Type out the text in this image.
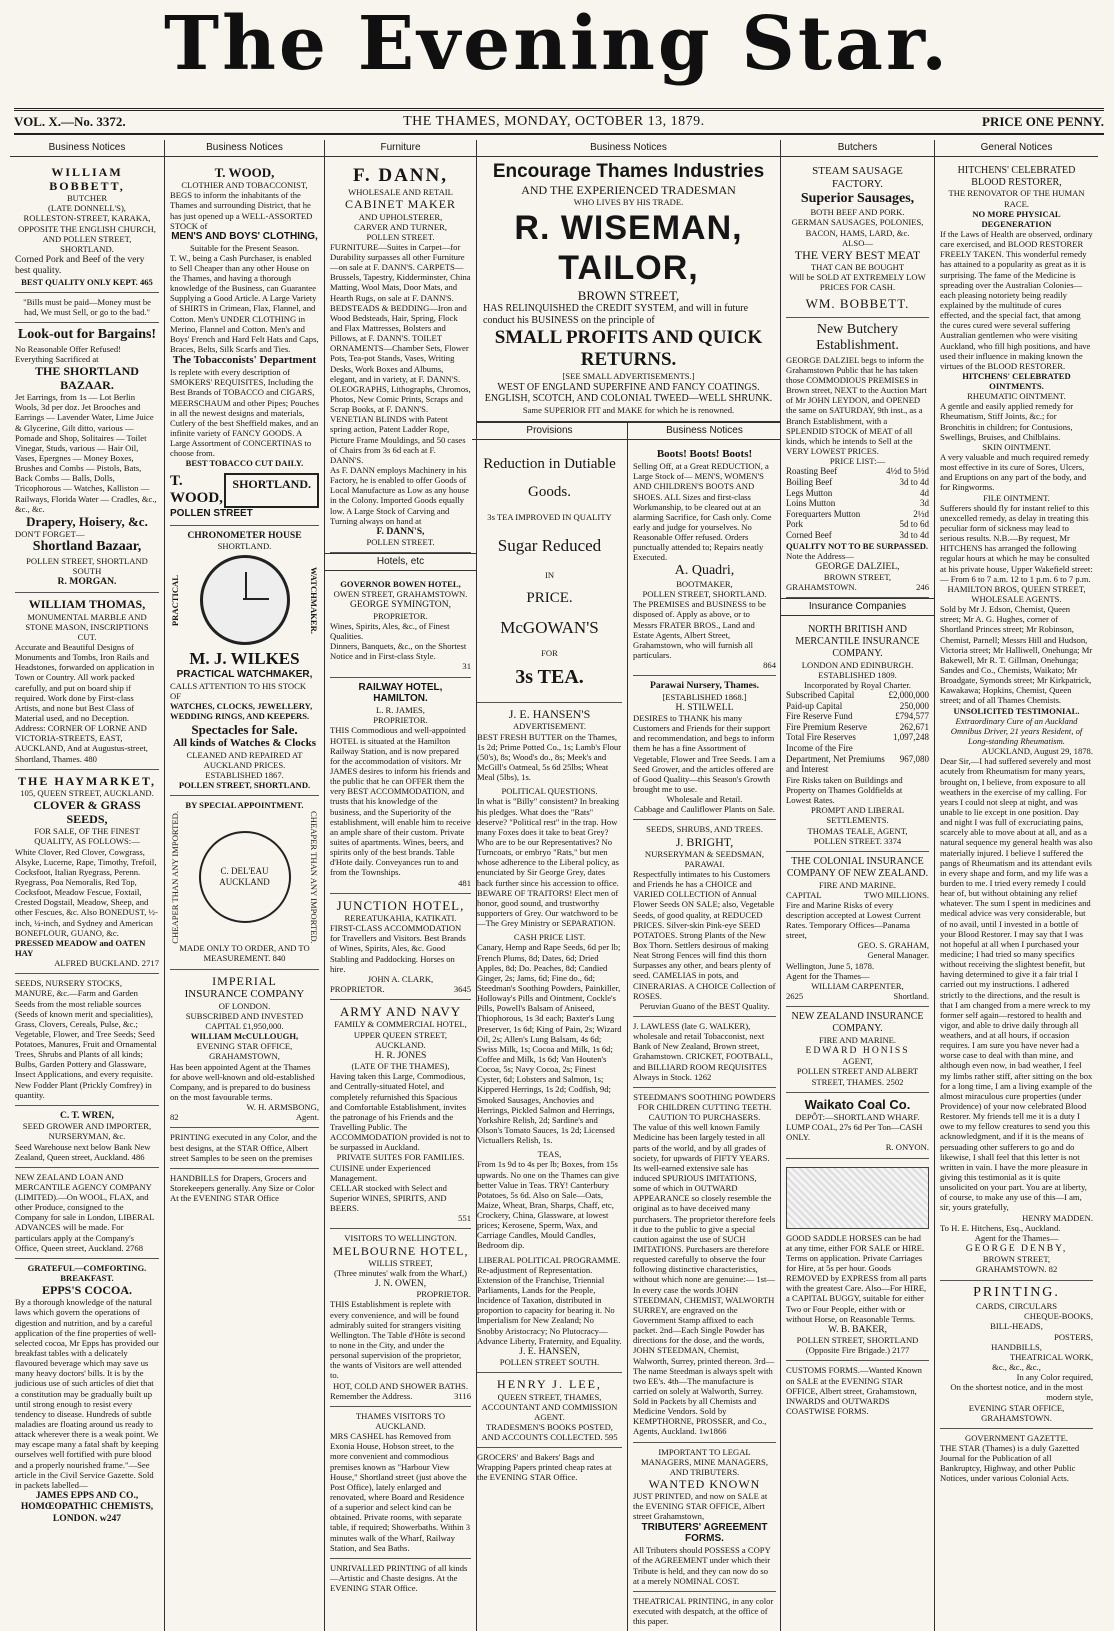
The Evening Star.
VOL. X.—No. 3372.	THE THAMES, MONDAY, OCTOBER 13, 1879.	PRICE ONE PENNY.
Business Notices
WILLIAM BOBBETT,
BUTCHER
(LATE DONNELL'S),
ROLLESTON-STREET, KARAKA, OPPOSITE THE ENGLISH CHURCH, AND POLLEN STREET, SHORTLAND.
Corned Pork and Beef of the very best quality.
BEST QUALITY ONLY KEPT. 465
"Bills must be paid—Money must be had, We must Sell, or go to the bad."
Look-out for Bargains!
No Reasonable Offer Refused! Everything Sacrificed at
THE SHORTLAND BAZAAR.
Jet Earrings, from 1s — Lot Berlin Wools, 3d per doz. Jet Brooches and Earrings — Lavender Water, Lime Juice & Glycerine, Gilt ditto, various — Pomade and Shop, Solitaires — Toilet Vinegar, Studs, various — Hair Oil, Vases, Epergnes — Money Boxes, Brushes and Combs — Pistols, Bats, Back Combs — Balls, Dolls, Tricophorous — Watches, Kalliston — Railways, Florida Water — Cradles, &c., &c., &c.
Drapery, Hoisery, &c.
DON'T FORGET—
Shortland Bazaar,
POLLEN STREET, SHORTLAND SOUTH
R. MORGAN.
WILLIAM THOMAS,
MONUMENTAL MARBLE AND STONE MASON, INSCRIPTIONS CUT.
Accurate and Beautiful Designs of Monuments and Tombs, Iron Rails and Headstones, forwarded on application in Town or Country. All work packed carefully, and put on board ship if required. Work done by First-class Artists, and none but Best Class of Material used, and no Deception.
Address: CORNER OF LORNE AND VICTORIA-STREETS, EAST, AUCKLAND, And at Augustus-street, Shortland, Thames. 480
THE HAYMARKET,
105, QUEEN STREET, AUCKLAND.
CLOVER & GRASS SEEDS,
FOR SALE, OF THE FINEST QUALITY, AS FOLLOWS:—
White Clover, Red Clover, Cowgrass, Alsyke, Lucerne, Rape, Timothy, Trefoil, Cocksfoot, Italian Ryegrass, Perenn. Ryegrass, Poa Nemoralis, Red Top, Cocksfoot, Meadow Fescue, Foxtail, Crested Dogstail, Meadow, Sheep, and other Fescues, &c. Also BONEDUST, ½-inch, ¼-inch, and Sydney and American BONEFLOUR, GUANO, &c.
PRESSED MEADOW and OATEN HAY
ALFRED BUCKLAND. 2717
SEEDS, NURSERY STOCKS, MANURE, &c.—Farm and Garden Seeds from the most reliable sources (Seeds of known merit and specialities), Grass, Clovers, Cereals, Pulse, &c.; Vegetable, Flower, and Tree Seeds; Seed Potatoes, Manures, Fruit and Ornamental Trees, Shrubs and Plants of all kinds; Bulbs, Garden Pottery and Glassware, Insect Applications, and every requisite. New Fodder Plant (Prickly Comfrey) in quantity.
C. T. WREN,
SEED GROWER AND IMPORTER, NURSERYMAN, &c.
Seed Warehouse next below Bank New Zealand, Queen street, Auckland. 486
NEW ZEALAND LOAN AND MERCANTILE AGENCY COMPANY (LIMITED).—On WOOL, FLAX, and other Produce, consigned to the Company for sale in London, LIBERAL ADVANCES will be made. For particulars apply at the Company's Office, Queen street, Auckland. 2768
GRATEFUL—COMFORTING.
BREAKFAST.
EPPS'S COCOA.
By a thorough knowledge of the natural laws which govern the operations of digestion and nutrition, and by a careful application of the fine properties of well-selected cocoa, Mr Epps has provided our breakfast tables with a delicately flavoured beverage which may save us many heavy doctors' bills. It is by the judicious use of such articles of diet that a constitution may be gradually built up until strong enough to resist every tendency to disease. Hundreds of subtle maladies are floating around us ready to attack wherever there is a weak point. We may escape many a fatal shaft by keeping ourselves well fortified with pure blood and a properly nourished frame."—See article in the Civil Service Gazette. Sold in packets labelled—
JAMES EPPS AND CO., HOMŒOPATHIC CHEMISTS, LONDON. w247
Business Notices
T. WOOD,
CLOTHIER AND TOBACCONIST,
BEGS to inform the inhabitants of the Thames and surrounding District, that he has just opened up a WELL-ASSORTED STOCK of
MEN'S AND BOYS' CLOTHING,
Suitable for the Present Season.
T. W., being a Cash Purchaser, is enabled to Sell Cheaper than any other House on the Thames, and having a thorough knowledge of the Business, can Guarantee Supplying a Good Article. A Large Variety of SHIRTS in Crimean, Flax, Flannel, and Cotton. Men's UNDER CLOTHING in Merino, Flannel and Cotton. Men's and Boys' French and Hard Felt Hats and Caps, Braces, Belts, Silk Scarfs and Ties.
The Tobacconists' Department
Is replete with every description of SMOKERS' REQUISITES, Including the Best Brands of TOBACCO and CIGARS, MEERSCHAUM and other Pipes; Pouches in all the newest designs and materials, Cutlery of the best Sheffield makes, and an infinite variety of FANCY GOODS. A Large Assortment of CONCERTINAS to choose from.
BEST TOBACCO CUT DAILY.
T. WOOD,
SHORTLAND.
POLLEN STREET
CHRONOMETER HOUSE
SHORTLAND.
PRACTICAL	WATCHMAKER.
M. J. WILKES
PRACTICAL WATCHMAKER,
CALLS ATTENTION TO HIS STOCK OF
WATCHES, CLOCKS, JEWELLERY, WEDDING RINGS, AND KEEPERS.
Spectacles for Sale.
All kinds of Watches & Clocks
CLEANED AND REPAIRED AT AUCKLAND PRICES.
ESTABLISHED 1867.
POLLEN STREET, SHORTLAND.
BY SPECIAL APPOINTMENT.
CHEAPER THAN ANY IMPORTED.	C. DEL'EAU AUCKLAND	CHEAPER THAN ANY IMPORTED.
MADE ONLY TO ORDER, AND TO MEASUREMENT. 840
IMPERIAL
INSURANCE COMPANY
OF LONDON.
SUBSCRIBED AND INVESTED
CAPITAL £1,950,000.
WILLIAM McCULLOUGH,
EVENING STAR OFFICE,
GRAHAMSTOWN,
Has been appointed Agent at the Thames for above well-known and old-established Company, and is prepared to do business on the most favourable terms.
W. H. ARMSBONG,
82	Agent.
PRINTING executed in any Color, and the best designs, at the STAR Office, Albert street Samples to be seen on the premises
HANDBILLS for Drapers, Grocers and Storekeepers generally. Any Size or Color At the EVENING STAR Office
Furniture
F. DANN,
WHOLESALE AND RETAIL
CABINET MAKER
AND UPHOLSTERER,
CARVER AND TURNER,
POLLEN STREET.
FURNITURE—Suites in Carpet—for Durability surpasses all other Furniture—on sale at F. DANN'S. CARPETS—Brussels, Tapestry, Kidderminster, China Matting, Wool Mats, Door Mats, and Hearth Rugs, on sale at F. DANN'S. BEDSTEADS & BEDDING—Iron and Wood Bedsteads, Hair, Spring, Flock and Flax Mattresses, Bolsters and Pillows, at F. DANN'S. TOILET ORNAMENTS—Chamber Sets, Flower Pots, Tea-pot Stands, Vases, Writing Desks, Work Boxes and Albums, elegant, and in variety, at F. DANN'S. OLEOGRAPHS, Lithographs, Chromos, Photos, New Comic Prints, Scraps and Scrap Books, at F. DANN'S. VENETIAN BLINDS with Patent spring action, Patent Ladder Rope, Picture Frame Mouldings, and 50 cases of Chairs from 3s 6d each at F. DANN'S.
As F. DANN employs Machinery in his Factory, he is enabled to offer Goods of Local Manufacture as Low as any house in the Colony. Imported Goods equally low. A Large Stock of Carving and Turning always on hand at
F. DANN'S,
POLLEN STREET.
Hotels, etc
GOVERNOR BOWEN HOTEL,
OWEN STREET, GRAHAMSTOWN.
GEORGE SYMINGTON,
PROPRIETOR.
Wines, Spirits, Ales, &c., of Finest Qualities.
Dinners, Banquets, &c., on the Shortest Notice and in First-class Style.
31
RAILWAY HOTEL, HAMILTON.
L. R. JAMES,
PROPRIETOR.
THIS Commodious and well-appointed HOTEL is situated at the Hamilton Railway Station, and is now prepared for the accommodation of visitors. Mr JAMES desires to inform his friends and the public that he can OFFER them the very BEST ACCOMMODATION, and trusts that his knowledge of the business, and the Superiority of the establishment, will enable him to receive an ample share of their custom. Private suites of apartments. Wines, beers, and spirits only of the best brands. Table d'Hote daily. Conveyances run to and from the Townships.
481
JUNCTION HOTEL,
REREATUKAHIA, KATIKATI.
FIRST-CLASS ACCOMMODATION for Travellers and Visitors. Best Brands of Wines, Spirits, Ales, &c. Good Stabling and Paddocking. Horses on hire.
JOHN A. CLARK,
PROPRIETOR.	3645
ARMY AND NAVY
FAMILY & COMMERCIAL HOTEL,
UPPER QUEEN STREET, AUCKLAND.
H. R. JONES
(LATE OF THE THAMES),
Having taken this Large, Commodious, and Centrally-situated Hotel, and completely refurnished this Spacious and Comfortable Establishment, invites the patronage of his Friends and the Travelling Public. The ACCOMMODATION provided is not to be surpassed in Auckland.
PRIVATE SUITES FOR FAMILIES.
CUISINE under Experienced Management.
CELLAR stocked with Select and Superior WINES, SPIRITS, AND BEERS.
551
VISITORS TO WELLINGTON.
MELBOURNE HOTEL,
WILLIS STREET,
(Three minutes' walk from the Wharf,)
J. N. OWEN,
PROPRIETOR.
THIS Establishment is replete with every convenience, and will be found admirably suited for strangers visiting Wellington. The Table d'Hôte is second to none in the City, and under the personal supervision of the proprietor, the wants of Visitors are well attended to.
HOT, COLD AND SHOWER BATHS.
Remember the Address.	3116
THAMES VISITORS TO AUCKLAND.
MRS CASHEL has Removed from Exonia House, Hobson street, to the more convenient and commodious premises known as "Harbour View House," Shortland street (just above the Post Office), lately enlarged and renovated, where Board and Residence of a superior and select kind can be obtained. Private rooms, with separate table, if required; Showerbaths. Within 3 minutes walk of the Wharf, Railway Station, and Sea Baths.
UNRIVALLED PRINTING of all kinds —Artistic and Chaste designs. At the EVENING STAR Office.
Business Notices
Encourage Thames Industries
AND THE EXPERIENCED TRADESMAN
WHO LIVES BY HIS TRADE.
R. WISEMAN, TAILOR,
BROWN STREET,
HAS RELINQUISHED the CREDIT SYSTEM, and will in future conduct his BUSINESS on the principle of
SMALL PROFITS AND QUICK RETURNS.
[SEE SMALL ADVERTISEMENTS.]
WEST OF ENGLAND SUPERFINE AND FANCY COATINGS. ENGLISH, SCOTCH, AND COLONIAL TWEED—WELL SHRUNK.
Same SUPERIOR FIT and MAKE for which he is renowned.
Provisions
Reduction in Dutiable
Goods.
3s TEA IMPROVED IN QUALITY
Sugar Reduced
IN
PRICE.
McGOWAN'S
FOR
3s TEA.
J. E. HANSEN'S
ADVERTISEMENT.
BEST FRESH BUTTER on the Thames, 1s 2d; Prime Potted Co., 1s; Lamb's Flour (50's), 8s; Wood's do., 8s; Meek's and McGill's Oatmeal, 5s 6d 25lbs; Wheat Meal (5lbs), 1s.
POLITICAL QUESTIONS.
In what is "Billy" consistent? In breaking his pledges. What does the "Rats" deserve? "Political rest" in the trap. How many Foxes does it take to beat Grey? Who are to be our Representatives? No Turncoats, or embryo "Rats," but men whose adherence to the Liberal policy, as enunciated by Sir George Grey, dates back further since his accession to office. BEWARE OF TRAITORS! Elect men of honor, good sound, and trustworthy supporters of Grey. Our watchword to be—The Grey Ministry or SEPARATION.
CASH PRICE LIST.
Canary, Hemp and Rape Seeds, 6d per lb; French Plums, 8d; Dates, 6d; Dried Apples, 8d; Do. Peaches, 8d; Candied Ginger, 2s; Jams, 6d; Fine do., 6d; Steedman's Soothing Powders, Painkiller, Holloway's Pills and Ointment, Cockle's Pills, Powell's Balsam of Aniseed, Thiophorous, 1s 3d each; Baxter's Lung Preserver, 1s 6d; King of Pain, 2s; Wizard Oil, 2s; Allen's Lung Balsam, 4s 6d; Swiss Milk, 1s; Cocoa and Milk, 1s 6d; Coffee and Milk, 1s 6d; Van Houten's Cocoa, 5s; Navy Cocoa, 2s; Finest Cyster, 6d; Lobsters and Salmon, 1s; Kippered Herrings, 1s 2d; Codfish, 9d; Smoked Sausages, Anchovies and Herrings, Pickled Salmon and Herrings, Yorkshire Relish, 2d; Sardine's and Olson's Tomato Sauces, 1s 2d; Licensed Victuallers Relish, 1s.
TEAS,
From 1s 9d to 4s per lb; Boxes, from 15s upwards. No one on the Thames can give better Value in Teas. TRY! Canterbury Potatoes, 5s 6d. Also on Sale—Oats, Maize, Wheat, Bran, Sharps, Chaff, etc, Crockery, China, Glassware, at lowest prices; Kerosene, Sperm, Wax, and Carriage Candles, Mould Candles, Bedroom dip.
LIBERAL POLITICAL PROGRAMME.
Re-adjustment of Representation. Extension of the Franchise, Triennial Parliaments, Lands for the People, Incidence of Taxation, distributed in proportion to capacity for bearing it. No Imperialism for New Zealand; No Snobby Aristocracy; No Plutocracy—Advance Liberty, Fraternity, and Equality.
J. E. HANSEN,
POLLEN STREET SOUTH.
HENRY J. LEE,
QUEEN STREET, THAMES,
ACCOUNTANT AND COMMISSION AGENT.
TRADESMEN'S BOOKS POSTED, AND ACCOUNTS COLLECTED. 595
GROCERS' and Bakers' Bags and Wrapping Papers printed cheap rates at the EVENING STAR Office.
Business Notices
Boots! Boots! Boots!
Selling Off, at a Great REDUCTION, a Large Stock of— MEN'S, WOMEN'S AND CHILDREN'S BOOTS AND SHOES. ALL Sizes and first-class Workmanship, to be cleared out at an alarming Sacrifice, for Cash only. Come early and judge for yourselves. No Reasonable Offer refused. Orders punctually attended to; Repairs neatly Executed.
A. Quadri,
BOOTMAKER,
POLLEN STREET, SHORTLAND.
The PREMISES and BUSINESS to be disposed of. Apply as above, or to Messrs FRATER BROS., Land and Estate Agents, Albert Street, Grahamstown, who will furnish all particulars.
864
Parawai Nursery, Thames.
[ESTABLISHED 1868.]
H. STILWELL
DESIRES to THANK his many Customers and Friends for their support and recommendation, and begs to inform them he has a fine Assortment of Vegetable, Flower and Tree Seeds. I am a Seed Grower, and the articles offered are of Good Quality—this Season's Growth brought me to use.
Wholesale and Retail.
Cabbage and Cauliflower Plants on Sale.
SEEDS, SHRUBS, AND TREES.
J. BRIGHT,
NURSERYMAN & SEEDSMAN,
PARAWAI.
Respectfully intimates to his Customers and Friends he has a CHOICE and VARIED COLLECTION of Annual Flower Seeds ON SALE; also, Vegetable Seeds, of good quality, at REDUCED PRICES. Silver-skin Pink-eye SEED POTATOES. Strong Plants of the New Box Thorn. Settlers desirous of making Neat Strong Fences will find this thorn Surpasses any other, and bears plenty of seed. CAMELIAS in pots, and CINERARIAS. A CHOICE Collection of ROSES.
Peruvian Guano of the BEST Quality.
J. LAWLESS (late G. WALKER), wholesale and retail Tobacconist, next Bank of New Zealand, Brown street, Grahamstown. CRICKET, FOOTBALL, and BILLIARD ROOM REQUISITES Always in Stock. 1262
STEEDMAN'S SOOTHING POWDERS FOR CHILDREN CUTTING TEETH.
CAUTION TO PURCHASERS.
The value of this well known Family Medicine has been largely tested in all parts of the world, and by all grades of society, for upwards of FIFTY YEARS. Its well-earned extensive sale has induced SPURIOUS IMITATIONS, some of which in OUTWARD APPEARANCE so closely resemble the original as to have deceived many purchasers. The proprietor therefore feels it due to the public to give a special caution against the use of SUCH IMITATIONS. Purchasers are therefore requested carefully to observe the four following distinctive characteristics, without which none are genuine:— 1st—In every case the words JOHN STEEDMAN, CHEMIST, WALWORTH SURREY, are engraved on the Government Stamp affixed to each packet. 2nd—Each Single Powder has directions for the dose, and the words, JOHN STEEDMAN, Chemist, Walworth, Surrey, printed thereon. 3rd—The name Steedman is always spelt with two EE's. 4th—The manufacture is carried on solely at Walworth, Surrey. Sold in Packets by all Chemists and Medicine Vendors. Sold by KEMPTHORNE, PROSSER, and Co., Agents, Auckland. 1w1866
IMPORTANT TO LEGAL MANAGERS, MINE MANAGERS, AND TRIBUTERS.
WANTED KNOWN
JUST PRINTED, and now on SALE at the EVENING STAR OFFICE, Albert street Grahamstown,
TRIBUTERS' AGREEMENT FORMS.
All Tributers should POSSESS a COPY of the AGREEMENT under which their Tribute is held, and they can now do so at a merely NOMINAL COST.
THEATRICAL PRINTING, in any color executed with despatch, at the office of this paper.
Butchers
STEAM SAUSAGE FACTORY.
Superior Sausages,
BOTH BEEF AND PORK.
GERMAN SAUSAGES, POLONIES,
BACON, HAMS, LARD, &c.
ALSO—
THE VERY BEST MEAT
THAT CAN BE BOUGHT
Will be SOLD AT EXTREMELY LOW
PRICES FOR CASH.
WM. BOBBETT.
New Butchery Establishment.
GEORGE DALZIEL begs to inform the Grahamstown Public that he has taken those COMMODIOUS PREMISES in Brown street, NEXT to the Auction Mart of Mr JOHN LEYDON, and OPENED the same on SATURDAY, 9th inst., as a Branch Establishment, with a SPLENDID STOCK of MEAT of all kinds, which he intends to Sell at the VERY LOWEST PRICES.
PRICE LIST:—
Roasting Beef	4½d to 5½d
Boiling Beef	3d to 4d
Legs Mutton	4d
Loins Mutton	3d
Forequarters Mutton	2½d
Pork	5d to 6d
Corned Beef	3d to 4d
QUALITY NOT TO BE SURPASSED.
Note the Address—
GEORGE DALZIEL,
BROWN STREET,
GRAHAMSTOWN.	246
Insurance Companies
NORTH BRITISH AND MERCANTILE INSURANCE COMPANY.
LONDON AND EDINBURGH.
ESTABLISHED 1809.
Incorporated by Royal Charter.
Subscribed Capital	£2,000,000
Paid-up Capital	250,000
Fire Reserve Fund	£794,577
Fire Premium Reserve	262,671
Total Fire Reserves	1,097,248
Income of the Fire Department, Net Premiums and Interest	967,080
Fire Risks taken on Buildings and Property on Thames Goldfields at Lowest Rates.
PROMPT AND LIBERAL SETTLEMENTS.
THOMAS TEALE, AGENT,
POLLEN STREET. 3374
THE COLONIAL INSURANCE COMPANY OF NEW ZEALAND.
FIRE AND MARINE.
CAPITAL	TWO MILLIONS.
Fire and Marine Risks of every description accepted at Lowest Current Rates. Temporary Offices—Panama street,
GEO. S. GRAHAM,
General Manager.
Wellington, June 5, 1878.
Agent for the Thames—
WILLIAM CARPENTER,
2625	Shortland.
NEW ZEALAND INSURANCE COMPANY.
FIRE AND MARINE.
EDWARD HONISS
AGENT,
POLLEN STREET AND ALBERT STREET, THAMES. 2502
Waikato Coal Co.
DEPÔT:—SHORTLAND WHARF.
LUMP COAL, 27s 6d Per Ton—CASH ONLY.
R. ONYON.
GOOD SADDLE HORSES can be had at any time, either FOR SALE or HIRE. Terms on application. Private Carriages for Hire, at 5s per hour. Goods REMOVED by EXPRESS from all parts with the greatest Care. Also—For HIRE, a CAPITAL BUGGY, suitable for either Two or Four People, either with or without Horse, on Reasonable Terms.
W. B. BAKER,
POLLEN STREET, SHORTLAND (Opposite Fire Brigade.) 2177
CUSTOMS FORMS.—Wanted Known on SALE at the EVENING STAR OFFICE, Albert street, Grahamstown, INWARDS and OUTWARDS COASTWISE FORMS.
General Notices
HITCHENS' CELEBRATED BLOOD RESTORER,
THE RENOVATOR OF THE HUMAN RACE.
NO MORE PHYSICAL DEGENERATION
If the Laws of Health are observed, ordinary care exercised, and BLOOD RESTORER FREELY TAKEN. This wonderful remedy has attained to a popularity as great as it is surprising. The fame of the Medicine is spreading over the Australian Colonies—each pleasing notoriety being readily explained by the multitude of cures effected, and the special fact, that among the cures cured were several suffering Australian gentlemen who were visiting Auckland, who fill high positions, and have used their influence in making known the virtues of the BLOOD RESTORER.
HITCHENS' CELEBRATED OINTMENTS.
RHEUMATIC OINTMENT.
A gentle and easily applied remedy for Rheumatism, Stiff Joints, &c.; for Bronchitis in children; for Contusions, Swellings, Bruises, and Chilblains.
SKIN OINTMENT.
A very valuable and much required remedy most effective in its cure of Sores, Ulcers, and Eruptions on any part of the body, and for Ringworms.
FILE OINTMENT.
Sufferers should fly for instant relief to this unexcelled remedy, as delay in treating this peculiar form of sickness may lead to serious results. N.B.—By request, Mr HITCHENS has arranged the following regular hours at which he may be consulted at his private house, Upper Wakefield street:— From 6 to 7 a.m. 12 to 1 p.m. 6 to 7 p.m.
HAMILTON BROS, QUEEN STREET, WHOLESALE AGENTS.
Sold by Mr J. Edson, Chemist, Queen street; Mr A. G. Hughes, corner of Shortland Princes street; Mr Robinson, Chemist, Parnell; Messrs Hill and Hudson, Victoria street; Mr Halliwell, Onehunga; Mr Bakewell, Mr R. T. Gillman, Onehunga; Sandes and Co., Chemists, Waikato; Mr Broadgate, Symonds street; Mr Kirkpatrick, Kawakawa; Hopkins, Chemist, Queen street; and of all Thames Chemists.
UNSOLICITED TESTIMONIAL.
Extraordinary Cure of an Auckland Omnibus Driver, 21 years Resident, of Long-standing Rheumatism.
AUCKLAND, August 29, 1878.
Dear Sir,—I had suffered severely and most acutely from Rheumatism for many years, brought on, I believe, from exposure to all weathers in the exercise of my calling. For years I could not sleep at night, and was unable to lie except in one position. Day and night I was full of excruciating pains, scarcely able to move about at all, and as a natural sequence my general health was also materially injured. I believe I suffered the pangs of Rheumatism and its attendant evils in every shape and form, and my life was a burden to me. I tried every remedy I could hear of, but without obtaining any relief whatever. The sum I spent in medicines and medical advice was very considerable, but of no avail, until I invested in a bottle of your Blood Restorer. I may say that I was not hopeful at all when I purchased your medicine; I had tried so many specifics without receiving the slightest benefit, but having determined to give it a fair trial I carried out my instructions. I adhered strictly to the directions, and the result is that I am changed from a mere wreck to my former self again—restored to health and vigor, and able to drive daily through all weathers, and at all hours, if occasion requires. I am sure you have never had a worse case to deal with than mine, and although even now, in bad weather, I feel my limbs rather stiff, after sitting on the box for a long time, I am a living example of the almost miraculous cure properties (under Providence) of your now celebrated Blood Restorer. My friends tell me it is a duty I owe to my fellow creatures to send you this acknowledgment, and if it is the means of persuading other sufferers to go and do likewise, I shall feel that this letter is not written in vain. I have the more pleasure in giving this testimonial as it is quite unsolicited on your part. You are at liberty, of course, to make any use of this—I am, sir, yours gratefully,
HENRY MADDEN.
To H. E. Hitchens, Esq., Auckland.
Agent for the Thames—
GEORGE DENBY,
BROWN STREET,
GRAHAMSTOWN. 82
PRINTING.
CARDS, CIRCULARS
CHEQUE-BOOKS,
BILL-HEADS,
POSTERS,
HANDBILLS,
THEATRICAL WORK,
&c., &c., &c.,
In any Color required,
On the shortest notice, and in the most
modern style,
EVENING STAR OFFICE,
GRAHAMSTOWN.
GOVERNMENT GAZETTE.
THE STAR (Thames) is a duly Gazetted Journal for the Publication of all Bankruptcy, Highway, and other Public Notices, under various Colonial Acts.
